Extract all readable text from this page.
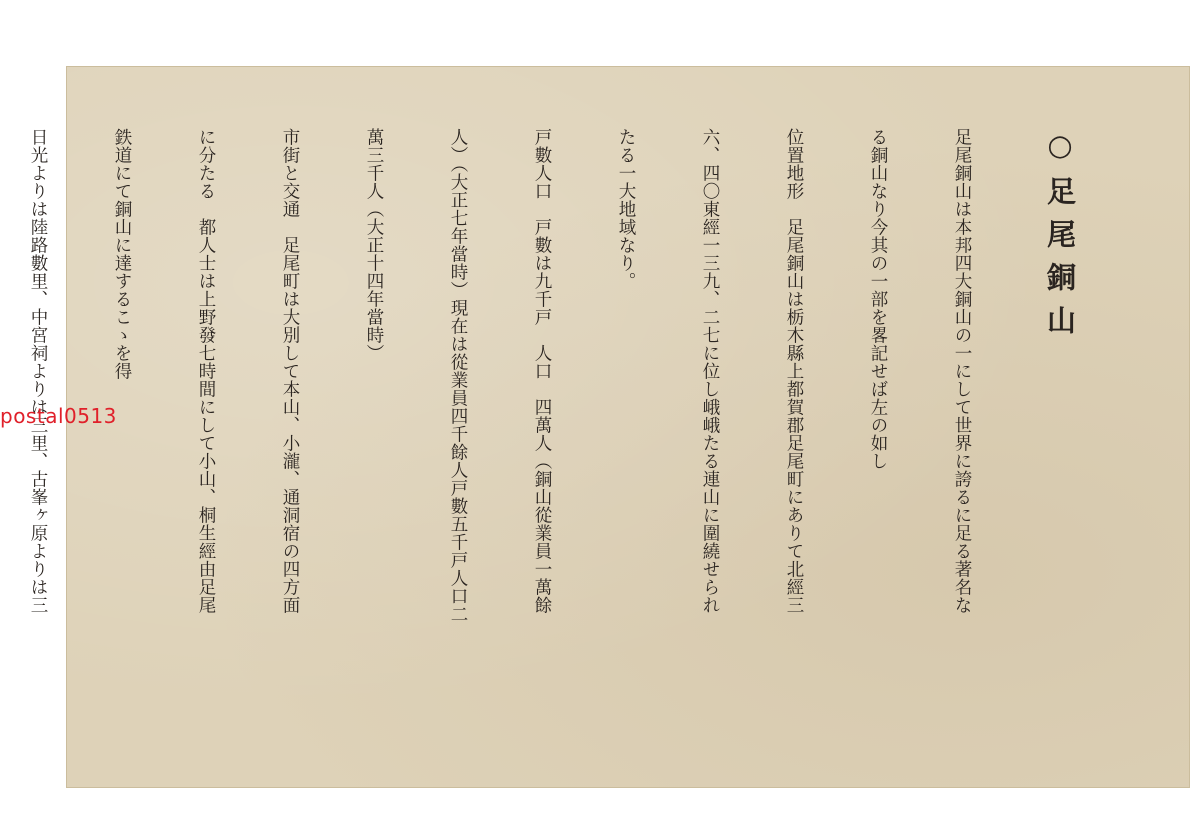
○足尾銅山

足尾銅山は本邦四大銅山の一にして世界に誇るに足る著名な

る銅山なり今其の一部を畧記せば左の如し

位置地形　足尾銅山は栃木縣上都賀郡足尾町にありて北經三

六、四〇東經一三九、二七に位し峨峨たる連山に圍繞せられ

たる一大地域なり。

戸數人口　戸數は九千戸　人口　四萬人（銅山從業員一萬餘

人）（大正七年當時）現在は從業員四千餘人戸數五千戸人口二

萬三千人（大正十四年當時）

市街と交通　足尾町は大別して本山、小瀧、通洞宿の四方面

に分たる　都人士は上野發七時間にして小山、桐生經由足尾

鉄道にて銅山に達するこゝを得

日光よりは陸路數里、中宮祠よりは三里、古峯ヶ原よりは三

postal0513
